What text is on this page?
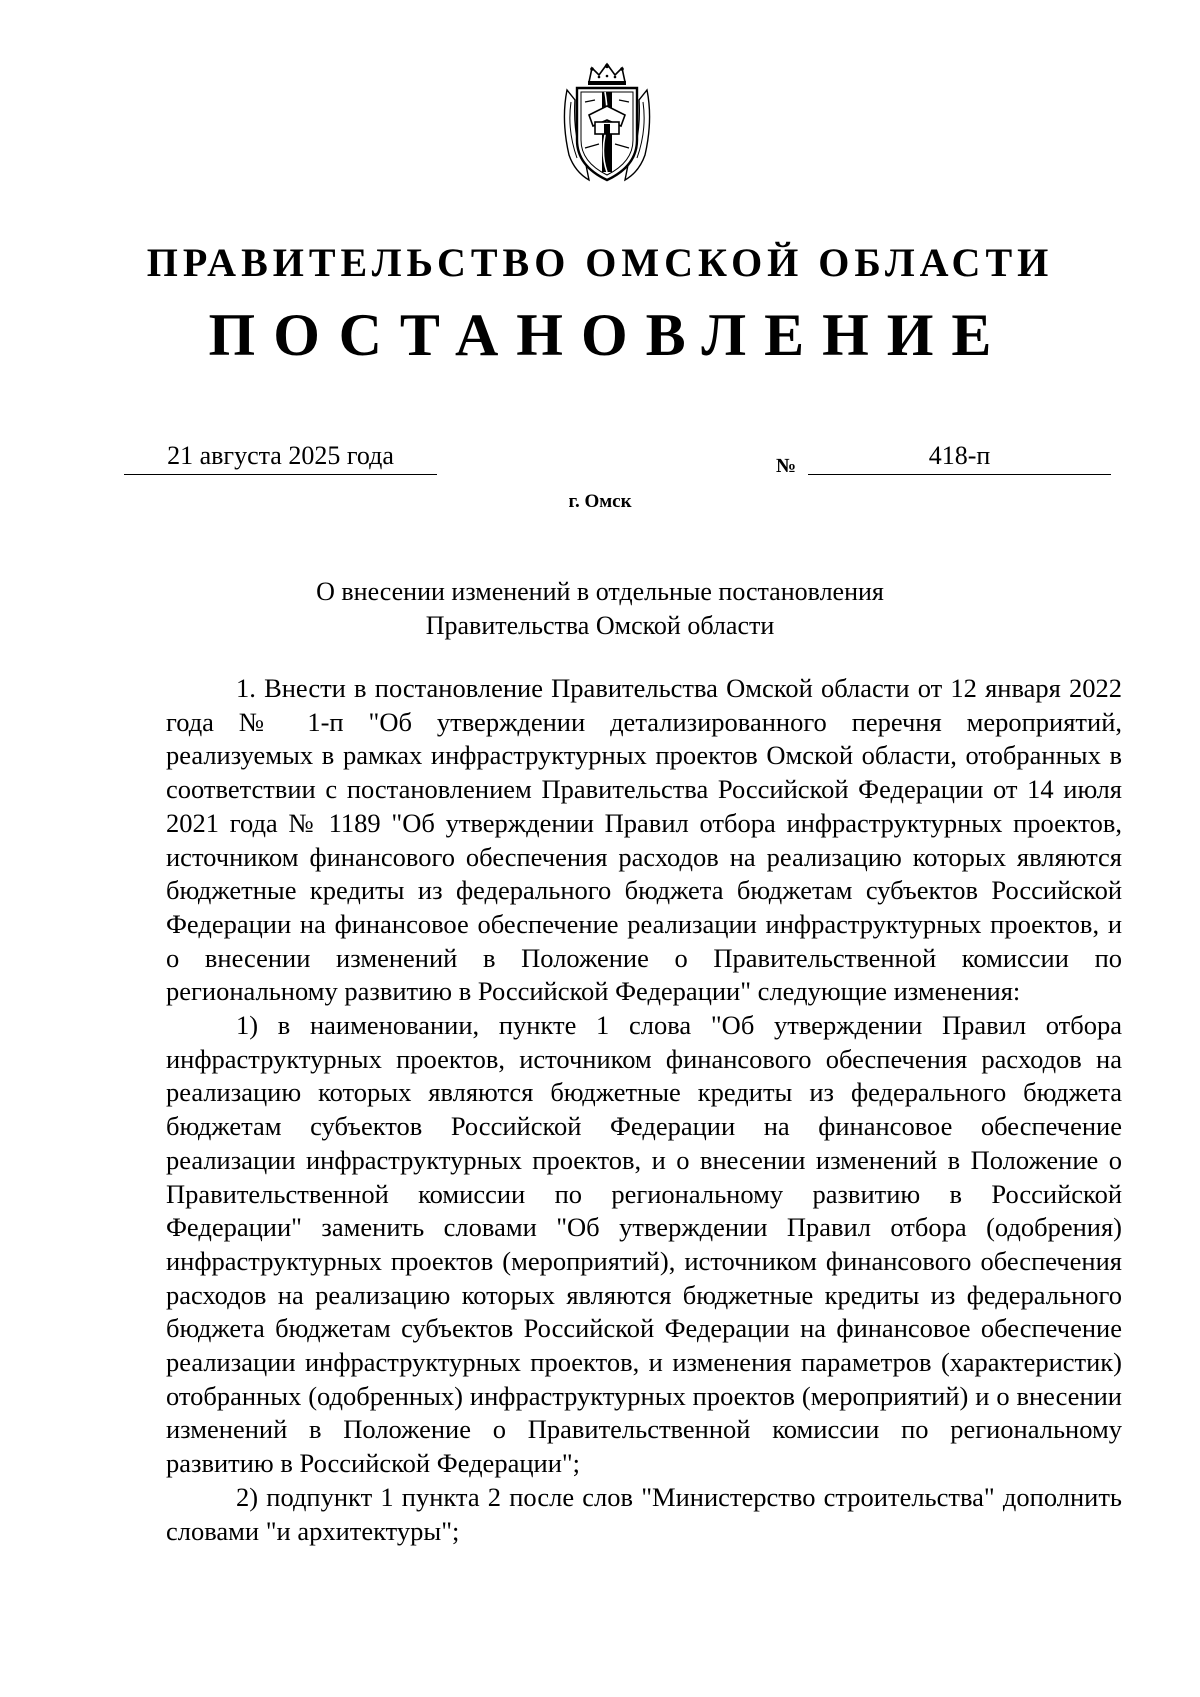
ПРАВИТЕЛЬСТВО ОМСКОЙ ОБЛАСТИ
ПОСТАНОВЛЕНИЕ
21 августа 2025 года	№	418-п
г. Омск
О внесении изменений в отдельные постановления
Правительства Омской области

1. Внести в постановление Правительства Омской области от 12 января 2022 года № 1-п "Об утверждении детализированного перечня мероприятий, реализуемых в рамках инфраструктурных проектов Омской области, отобранных в соответствии с постановлением Правительства Российской Федерации от 14 июля 2021 года № 1189 "Об утверждении Правил отбора инфраструктурных проектов, источником финансового обеспечения расходов на реализацию которых являются бюджетные кредиты из федерального бюджета бюджетам субъектов Российской Федерации на финансовое обеспечение реализации инфраструктурных проектов, и о внесении изменений в Положение о Правительственной комиссии по региональному развитию в Российской Федерации" следующие изменения:

1) в наименовании, пункте 1 слова "Об утверждении Правил отбора инфраструктурных проектов, источником финансового обеспечения расходов на реализацию которых являются бюджетные кредиты из федерального бюджета бюджетам субъектов Российской Федерации на финансовое обеспечение реализации инфраструктурных проектов, и о внесении изменений в Положение о Правительственной комиссии по региональному развитию в Российской Федерации" заменить словами "Об утверждении Правил отбора (одобрения) инфраструктурных проектов (мероприятий), источником финансового обеспечения расходов на реализацию которых являются бюджетные кредиты из федерального бюджета бюджетам субъектов Российской Федерации на финансовое обеспечение реализации инфраструктурных проектов, и изменения параметров (характеристик) отобранных (одобренных) инфраструктурных проектов (мероприятий) и о внесении изменений в Положение о Правительственной комиссии по региональному развитию в Российской Федерации";

2) подпункт 1 пункта 2 после слов "Министерство строительства" дополнить словами "и архитектуры";
